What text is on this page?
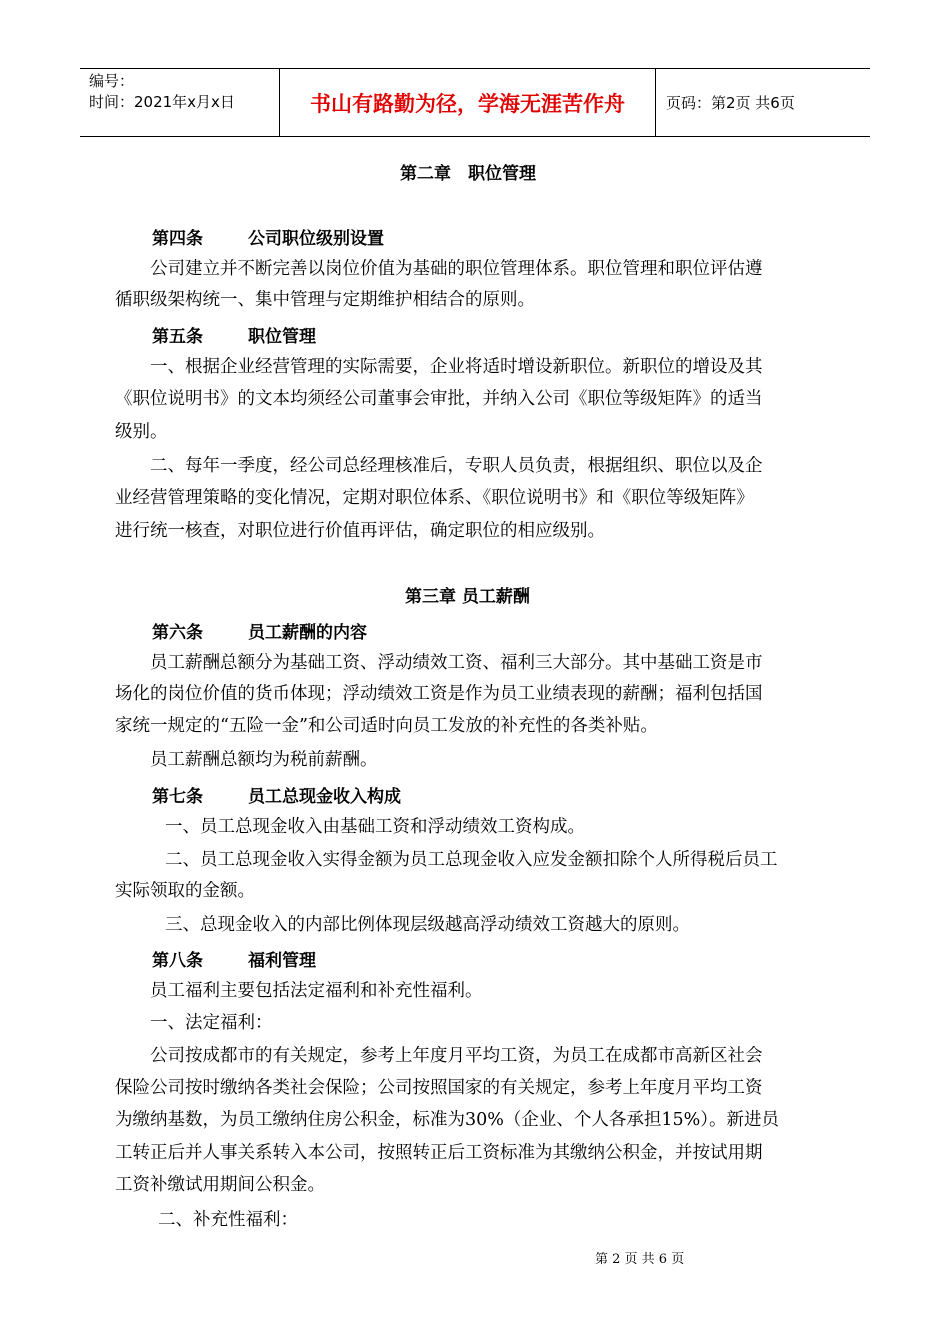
编号：
时间：2021年x月x日	书山有路勤为径，学海无涯苦作舟	页码：第2页 共6页
第二章　职位管理
第四条	公司职位级别设置
公司建立并不断完善以岗位价值为基础的职位管理体系。职位管理和职位评估遵
循职级架构统一、集中管理与定期维护相结合的原则。
第五条	职位管理
一、根据企业经营管理的实际需要，企业将适时增设新职位。新职位的增设及其
《职位说明书》的文本均须经公司董事会审批，并纳入公司《职位等级矩阵》的适当
级别。
二、每年一季度，经公司总经理核准后，专职人员负责，根据组织、职位以及企
业经营管理策略的变化情况，定期对职位体系、《职位说明书》和《职位等级矩阵》
进行统一核查，对职位进行价值再评估，确定职位的相应级别。
第三章 员工薪酬
第六条	员工薪酬的内容
员工薪酬总额分为基础工资、浮动绩效工资、福利三大部分。其中基础工资是市
场化的岗位价值的货币体现；浮动绩效工资是作为员工业绩表现的薪酬；福利包括国
家统一规定的“五险一金”和公司适时向员工发放的补充性的各类补贴。
员工薪酬总额均为税前薪酬。
第七条	员工总现金收入构成
一、员工总现金收入由基础工资和浮动绩效工资构成。
二、员工总现金收入实得金额为员工总现金收入应发金额扣除个人所得税后员工
实际领取的金额。
三、总现金收入的内部比例体现层级越高浮动绩效工资越大的原则。
第八条	福利管理
员工福利主要包括法定福利和补充性福利。
一、法定福利：
公司按成都市的有关规定，参考上年度月平均工资，为员工在成都市高新区社会
保险公司按时缴纳各类社会保险；公司按照国家的有关规定，参考上年度月平均工资
为缴纳基数，为员工缴纳住房公积金，标准为30%（企业、个人各承担15%）。新进员
工转正后并人事关系转入本公司，按照转正后工资标准为其缴纳公积金，并按试用期
工资补缴试用期间公积金。
二、补充性福利：
第 2 页 共 6 页
